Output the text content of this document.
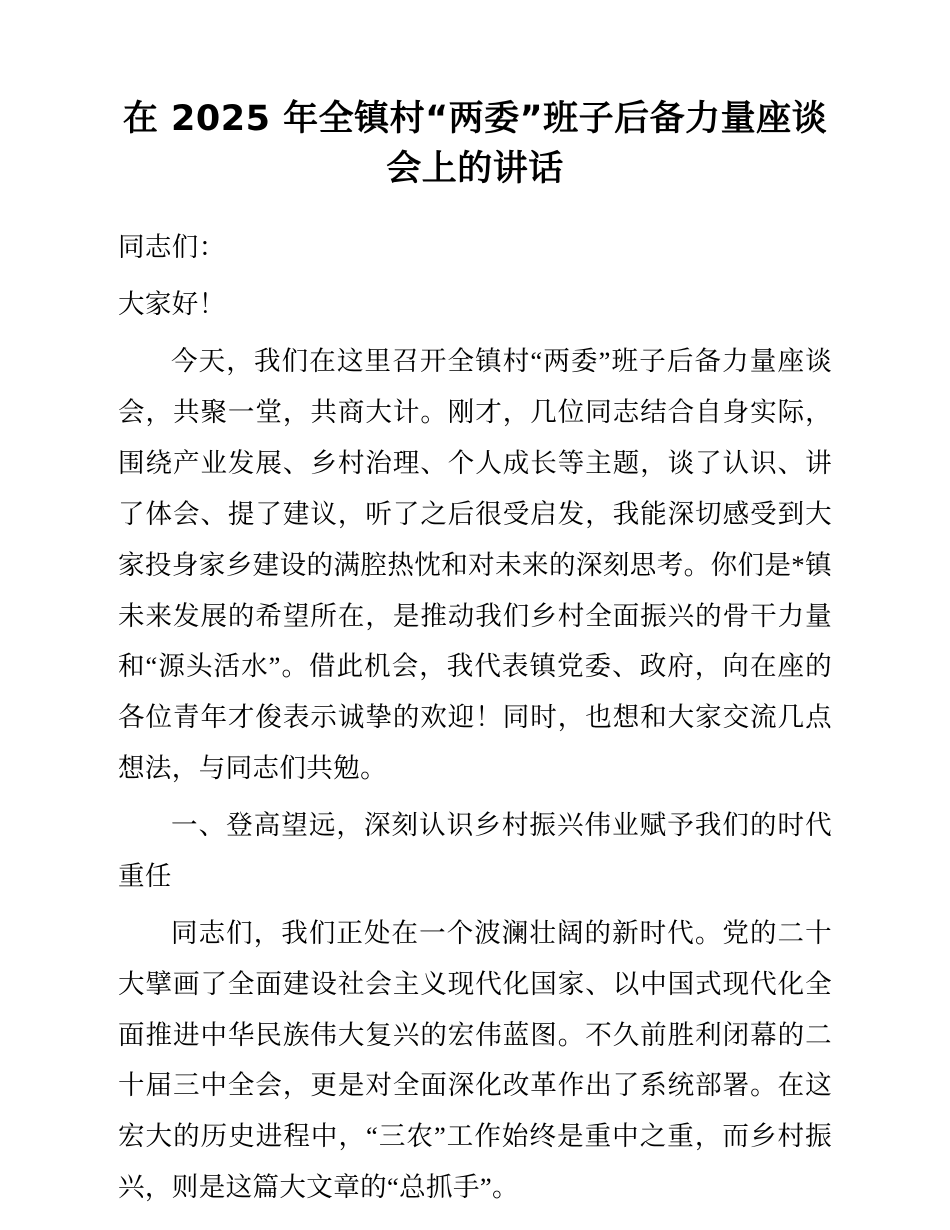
在 2025 年全镇村“两委”班子后备力量座谈会上的讲话

同志们：

大家好！

今天，我们在这里召开全镇村“两委”班子后备力量座谈会，共聚一堂，共商大计。刚才，几位同志结合自身实际，围绕产业发展、乡村治理、个人成长等主题，谈了认识、讲了体会、提了建议，听了之后很受启发，我能深切感受到大家投身家乡建设的满腔热忱和对未来的深刻思考。你们是*镇未来发展的希望所在，是推动我们乡村全面振兴的骨干力量和“源头活水”。借此机会，我代表镇党委、政府，向在座的各位青年才俊表示诚挚的欢迎！同时，也想和大家交流几点想法，与同志们共勉。

一、登高望远，深刻认识乡村振兴伟业赋予我们的时代重任

同志们，我们正处在一个波澜壮阔的新时代。党的二十大擘画了全面建设社会主义现代化国家、以中国式现代化全面推进中华民族伟大复兴的宏伟蓝图。不久前胜利闭幕的二十届三中全会，更是对全面深化改革作出了系统部署。在这宏大的历史进程中，“三农”工作始终是重中之重，而乡村振兴，则是这篇大文章的“总抓手”。
